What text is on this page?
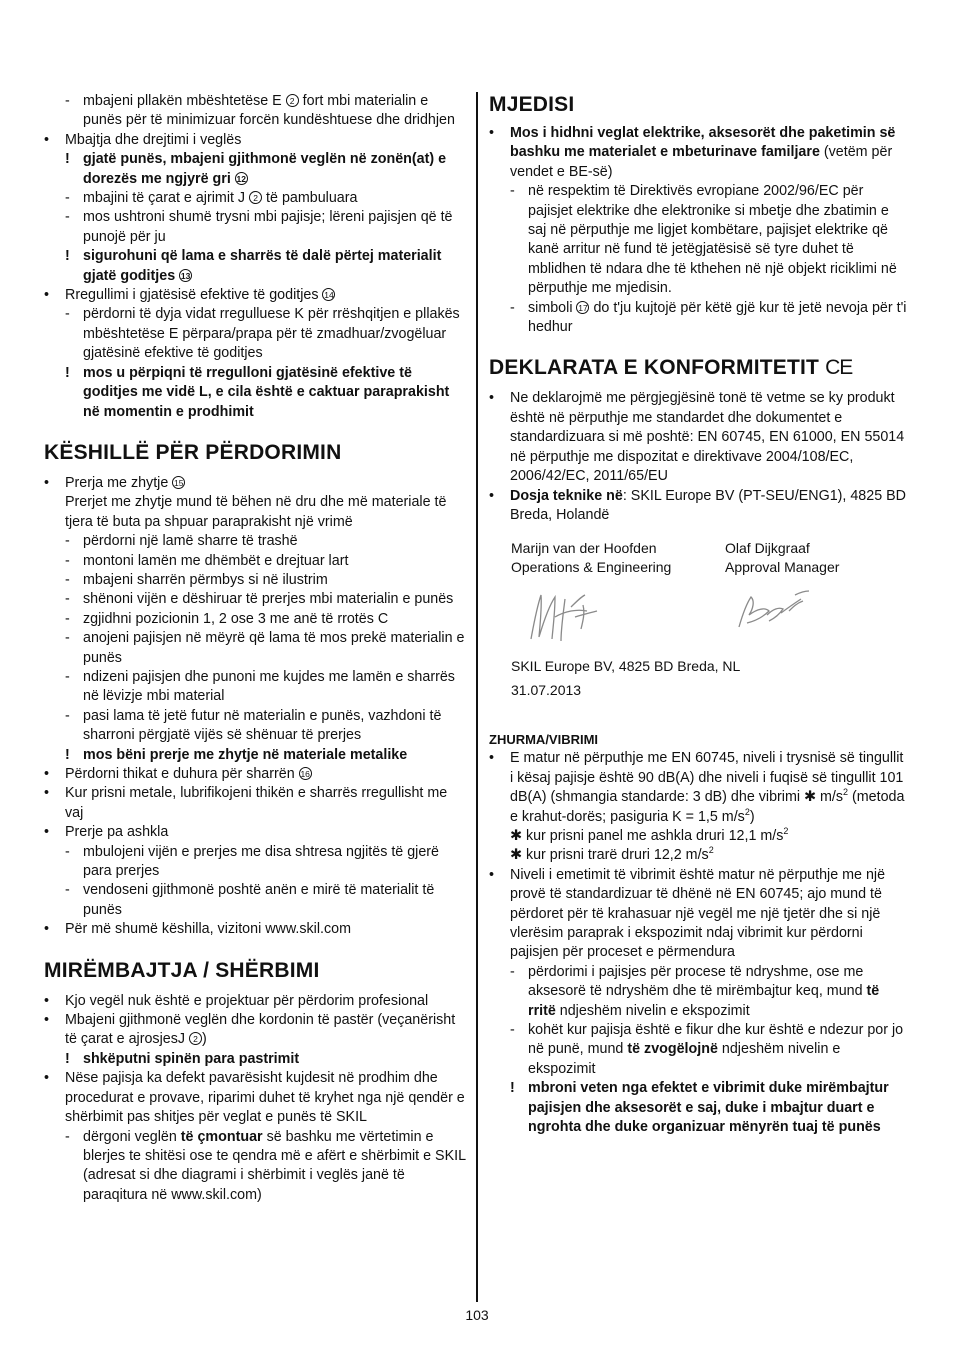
- mbajeni pllakën mbështetëse E 2 fort mbi materialin e punës për të minimizuar forcën kundështuese dhe dridhjen
• Mbajtja dhe drejtimi i veglës
! gjatë punës, mbajeni gjithmonë veglën në zonën(at) e dorezës me ngjyrë gri 12
- mbajini të çarat e ajrimit J 2 të pambuluara
- mos ushtroni shumë trysni mbi pajisje; lëreni pajisjen që të punojë për ju
! sigurohuni që lama e sharrës të dalë përtej materialit gjatë goditjes 13
• Rregullimi i gjatësisë efektive të goditjes 14
- përdorni të dyja vidat rregulluese K për rrëshqitjen e pllakës mbështetëse E përpara/prapa për të zmadhuar/zvogëluar gjatësinë efektive të goditjes
! mos u përpiqni të rregulloni gjatësinë efektive të goditjes me vidë L, e cila është e caktuar paraprakisht në momentin e prodhimit
KËSHILLË PËR PËRDORIMIN
• Prerja me zhytje 15
Prerjet me zhytje mund të bëhen në dru dhe më materiale të tjera të buta pa shpuar paraprakisht një vrimë
- përdorni një lamë sharre të trashë
- montoni lamën me dhëmbët e drejtuar lart
- mbajeni sharrën përmbys si në ilustrim
- shënoni vijën e dëshiruar të prerjes mbi materialin e punës
- zgjidhni pozicionin 1, 2 ose 3 me anë të rrotës C
- anojeni pajisjen në mëyrë që lama të mos prekë materialin e punës
- ndizeni pajisjen dhe punoni me kujdes me lamën e sharrës në lëvizje mbi material
- pasi lama të jetë futur në materialin e punës, vazhdoni të sharroni përgjatë vijës së shënuar të prerjes
! mos bëni prerje me zhytje në materiale metalike
• Përdorni thikat e duhura për sharrën 16
• Kur prisni metale, lubrifikojeni thikën e sharrës rregullisht me vaj
• Prerje pa ashkla
- mbulojeni vijën e prerjes me disa shtresa ngjitës të gjerë para prerjes
- vendoseni gjithmonë poshtë anën e mirë të materialit të punës
• Për më shumë këshilla, vizitoni www.skil.com
MIRËMBAJTJA / SHËRBIMI
• Kjo vegël nuk është e projektuar për përdorim profesional
• Mbajeni gjithmonë veglën dhe kordonin të pastër (veçanërisht të çarat e ajrosjesJ 2 )
! shkëputni spinën para pastrimit
• Nëse pajisja ka defekt pavarësisht kujdesit në prodhim dhe procedurat e provave, riparimi duhet të kryhet nga një qendër e shërbimit pas shitjes për veglat e punës të SKIL
- dërgoni veglën të çmontuar së bashku me vërtetimin e blerjes te shitësi ose te qendra më e afërt e shërbimit e SKIL (adresat si dhe diagrami i shërbimit i veglës janë të paraqitura në www.skil.com)
MJEDISI
• Mos i hidhni veglat elektrike, aksesorët dhe paketimin së bashku me materialet e mbeturinave familjare (vetëm për vendet e BE-së)
- në respektim të Direktivës evropiane 2002/96/EC për pajisjet elektrike dhe elektronike si mbetje dhe zbatimin e saj në përputhje me ligjet kombëtare, pajisjet elektrike që kanë arritur në fund të jetëgjatësisë së tyre duhet të mblidhen të ndara dhe të kthehen në një objekt riciklimi në përputhje me mjedisin.
- simboli 17 do t'ju kujtojë për këtë gjë kur të jetë nevoja për t'i hedhur
DEKLARATA E KONFORMITETIT CE
• Ne deklarojmë me përgjegjësinë tonë të vetme se ky produkt është në përputhje me standardet dhe dokumentet e standardizuara si më poshtë: EN 60745, EN 61000, EN 55014 në përputhje me dispozitat e direktivave 2004/108/EC, 2006/42/EC, 2011/65/EU
• Dosja teknike në: SKIL Europe BV (PT-SEU/ENG1), 4825 BD Breda, Holandë
Marijn van der Hoofden
Operations & Engineering
Olaf Dijkgraaf
Approval Manager
SKIL Europe BV, 4825 BD Breda, NL
31.07.2013
ZHURMA/VIBRIMI
• E matur në përputhje me EN 60745, niveli i trysnisë së tingullit i kësaj pajisje është 90 dB(A) dhe niveli i fuqisë së tingullit 101 dB(A) (shmangia standarde: 3 dB) dhe vibrimi ✱ $m/s^2$ (metoda e krahut-dorës; pasiguria K = 1,5 $m/s^2$)
✱ kur prisni panel me ashkla druri 12,1 $m/s^2$
✱ kur prisni trarë druri 12,2 $m/s^2$
• Niveli i emetimit të vibrimit është matur në përputhje me një provë të standardizuar të dhënë në EN 60745; ajo mund të përdoret për të krahasuar një vegël me një tjetër dhe si një vlerësim paraprak i ekspozimit ndaj vibrimit kur përdorni pajisjen për proceset e përmendura
- përdorimi i pajisjes për procese të ndryshme, ose me aksesorë të ndryshëm dhe të mirëmbajtur keq, mund të rritë ndjeshëm nivelin e ekspozimit
- kohët kur pajisja është e fikur dhe kur është e ndezur por jo në punë, mund të zvogëlojnë ndjeshëm nivelin e ekspozimit
! mbroni veten nga efektet e vibrimit duke mirëmbajtur pajisjen dhe aksesorët e saj, duke i mbajtur duart e ngrohta dhe duke organizuar mënyrën tuaj të punës
103
